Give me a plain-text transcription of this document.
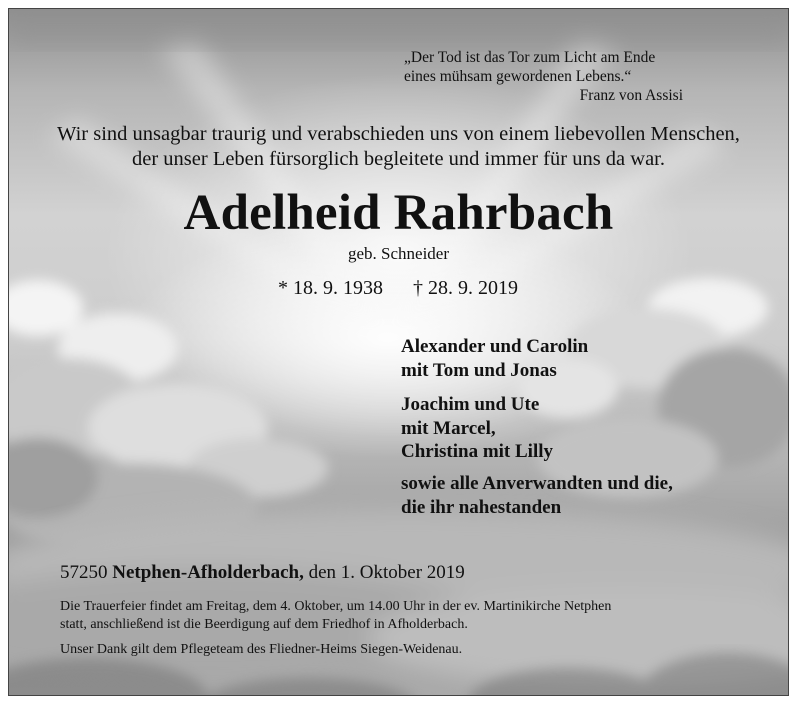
„Der Tod ist das Tor zum Licht am Ende
eines mühsam gewordenen Lebens.“

Franz von Assisi

Wir sind unsagbar traurig und verabschieden uns von einem liebevollen Menschen,

der unser Leben fürsorglich begleitete und immer für uns da war.

Adelheid Rahrbach

geb. Schneider

* 18. 9. 1938 † 28. 9. 2019

Alexander und Carolin
mit Tom und Jonas
Joachim und Ute
mit Marcel,
Christina mit Lilly
sowie alle Anverwandten und die,
die ihr nahestanden

57250 Netphen-Afholderbach, den 1. Oktober 2019

Die Trauerfeier findet am Freitag, dem 4. Oktober, um 14.00 Uhr in der ev. Martinikirche Netphen
statt, anschließend ist die Beerdigung auf dem Friedhof in Afholderbach.

Unser Dank gilt dem Pflegeteam des Fliedner-Heims Siegen-Weidenau.
